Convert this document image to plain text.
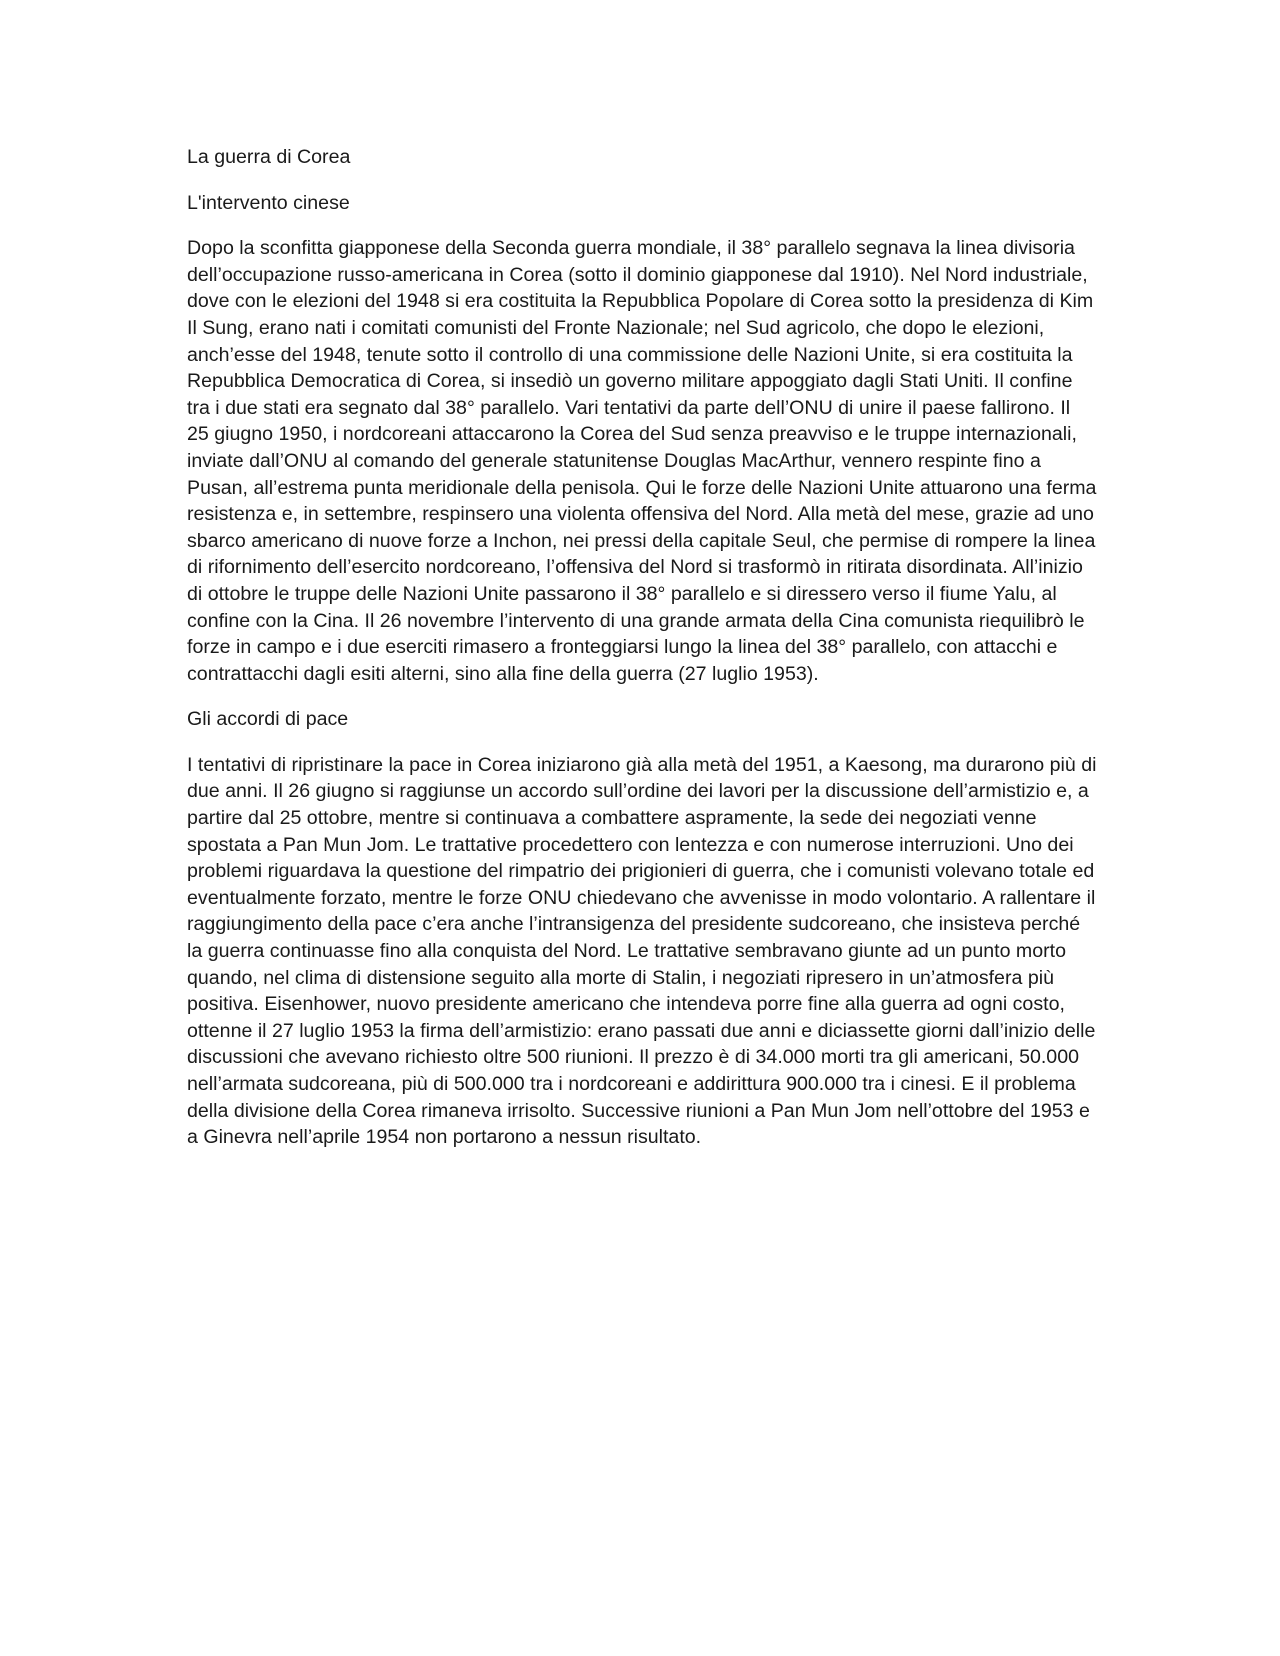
La guerra di Corea

L'intervento cinese

Dopo la sconfitta giapponese della Seconda guerra mondiale, il 38° parallelo segnava la linea divisoria dell’occupazione russo-americana in Corea (sotto il dominio giapponese dal 1910). Nel Nord industriale, dove con le elezioni del 1948 si era costituita la Repubblica Popolare di Corea sotto la presidenza di Kim Il Sung, erano nati i comitati comunisti del Fronte Nazionale; nel Sud agricolo, che dopo le elezioni, anch’esse del 1948, tenute sotto il controllo di una commissione delle Nazioni Unite, si era costituita la Repubblica Democratica di Corea, si insediò un governo militare appoggiato dagli Stati Uniti. Il confine tra i due stati era segnato dal 38° parallelo. Vari tentativi da parte dell’ONU di unire il paese fallirono. Il 25 giugno 1950, i nordcoreani attaccarono la Corea del Sud senza preavviso e le truppe internazionali, inviate dall’ONU al comando del generale statunitense Douglas MacArthur, vennero respinte fino a Pusan, all’estrema punta meridionale della penisola. Qui le forze delle Nazioni Unite attuarono una ferma resistenza e, in settembre, respinsero una violenta offensiva del Nord. Alla metà del mese, grazie ad uno sbarco americano di nuove forze a Inchon, nei pressi della capitale Seul, che permise di rompere la linea di rifornimento dell’esercito nordcoreano, l’offensiva del Nord si trasformò in ritirata disordinata. All’inizio di ottobre le truppe delle Nazioni Unite passarono il 38° parallelo e si diressero verso il fiume Yalu, al confine con la Cina. Il 26 novembre l’intervento di una grande armata della Cina comunista riequilibrò le forze in campo e i due eserciti rimasero a fronteggiarsi lungo la linea del 38° parallelo, con attacchi e contrattacchi dagli esiti alterni, sino alla fine della guerra (27 luglio 1953).

Gli accordi di pace

I tentativi di ripristinare la pace in Corea iniziarono già alla metà del 1951, a Kaesong, ma durarono più di due anni. Il 26 giugno si raggiunse un accordo sull’ordine dei lavori per la discussione dell’armistizio e, a partire dal 25 ottobre, mentre si continuava a combattere aspramente, la sede dei negoziati venne spostata a Pan Mun Jom. Le trattative procedettero con lentezza e con numerose interruzioni. Uno dei problemi riguardava la questione del rimpatrio dei prigionieri di guerra, che i comunisti volevano totale ed eventualmente forzato, mentre le forze ONU chiedevano che avvenisse in modo volontario. A rallentare il raggiungimento della pace c’era anche l’intransigenza del presidente sudcoreano, che insisteva perché la guerra continuasse fino alla conquista del Nord. Le trattative sembravano giunte ad un punto morto quando, nel clima di distensione seguito alla morte di Stalin, i negoziati ripresero in un’atmosfera più positiva. Eisenhower, nuovo presidente americano che intendeva porre fine alla guerra ad ogni costo, ottenne il 27 luglio 1953 la firma dell’armistizio: erano passati due anni e diciassette giorni dall’inizio delle discussioni che avevano richiesto oltre 500 riunioni. Il prezzo è di 34.000 morti tra gli americani, 50.000 nell’armata sudcoreana, più di 500.000 tra i nordcoreani e addirittura 900.000 tra i cinesi. E il problema della divisione della Corea rimaneva irrisolto. Successive riunioni a Pan Mun Jom nell’ottobre del 1953 e a Ginevra nell’aprile 1954 non portarono a nessun risultato.
